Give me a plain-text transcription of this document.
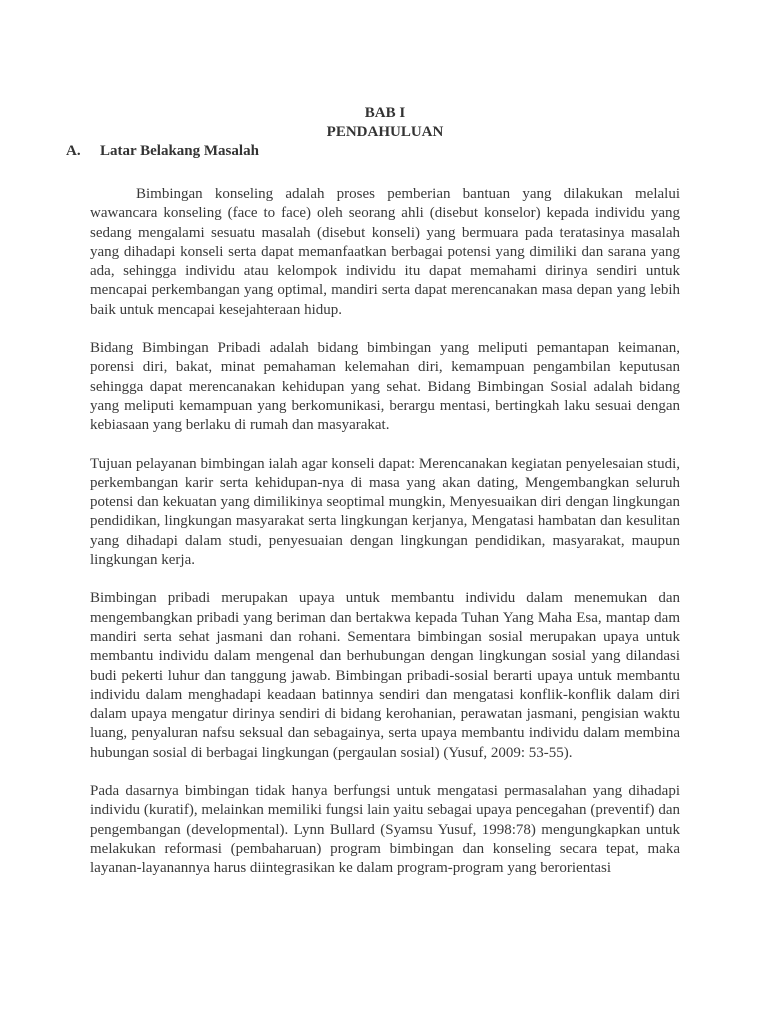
BAB I
PENDAHULUAN
A. Latar Belakang Masalah

Bimbingan konseling adalah proses pemberian bantuan yang dilakukan melalui wawancara konseling (face to face) oleh seorang ahli (disebut konselor) kepada individu yang sedang mengalami sesuatu masalah (disebut konseli) yang bermuara pada teratasinya masalah yang dihadapi konseli serta dapat memanfaatkan berbagai potensi yang dimiliki dan sarana yang ada, sehingga individu atau kelompok individu itu dapat memahami dirinya sendiri untuk mencapai perkembangan yang optimal, mandiri serta dapat merencanakan masa depan yang lebih baik untuk mencapai kesejahteraan hidup.

Bidang Bimbingan Pribadi adalah bidang bimbingan yang meliputi pemantapan keimanan, porensi diri, bakat, minat pemahaman kelemahan diri, kemampuan pengambilan keputusan sehingga dapat merencanakan kehidupan yang sehat. Bidang Bimbingan Sosial adalah bidang yang meliputi kemampuan yang berkomunikasi, berargu mentasi, bertingkah laku sesuai dengan kebiasaan yang berlaku di rumah dan masyarakat.

Tujuan pelayanan bimbingan ialah agar konseli dapat: Merencanakan kegiatan penyelesaian studi, perkembangan karir serta kehidupan-nya di masa yang akan dating, Mengembangkan seluruh potensi dan kekuatan yang dimilikinya seoptimal mungkin, Menyesuaikan diri dengan lingkungan pendidikan, lingkungan masyarakat serta lingkungan kerjanya, Mengatasi hambatan dan kesulitan yang dihadapi dalam studi, penyesuaian dengan lingkungan pendidikan, masyarakat, maupun lingkungan kerja.

Bimbingan pribadi merupakan upaya untuk membantu individu dalam menemukan dan mengembangkan pribadi yang beriman dan bertakwa kepada Tuhan Yang Maha Esa, mantap dam mandiri serta sehat jasmani dan rohani. Sementara bimbingan sosial merupakan upaya untuk membantu individu dalam mengenal dan berhubungan dengan lingkungan sosial yang dilandasi budi pekerti luhur dan tanggung jawab. Bimbingan pribadi-sosial berarti upaya untuk membantu individu dalam menghadapi keadaan batinnya sendiri dan mengatasi konflik-konflik dalam diri dalam upaya mengatur dirinya sendiri di bidang kerohanian, perawatan jasmani, pengisian waktu luang, penyaluran nafsu seksual dan sebagainya, serta upaya membantu individu dalam membina hubungan sosial di berbagai lingkungan (pergaulan sosial) (Yusuf, 2009: 53-55).

Pada dasarnya bimbingan tidak hanya berfungsi untuk mengatasi permasalahan yang dihadapi individu (kuratif), melainkan memiliki fungsi lain yaitu sebagai upaya pencegahan (preventif) dan pengembangan (developmental). Lynn Bullard (Syamsu Yusuf, 1998:78) mengungkapkan untuk melakukan reformasi (pembaharuan) program bimbingan dan konseling secara tepat, maka layanan-layanannya harus diintegrasikan ke dalam program-program yang berorientasi
